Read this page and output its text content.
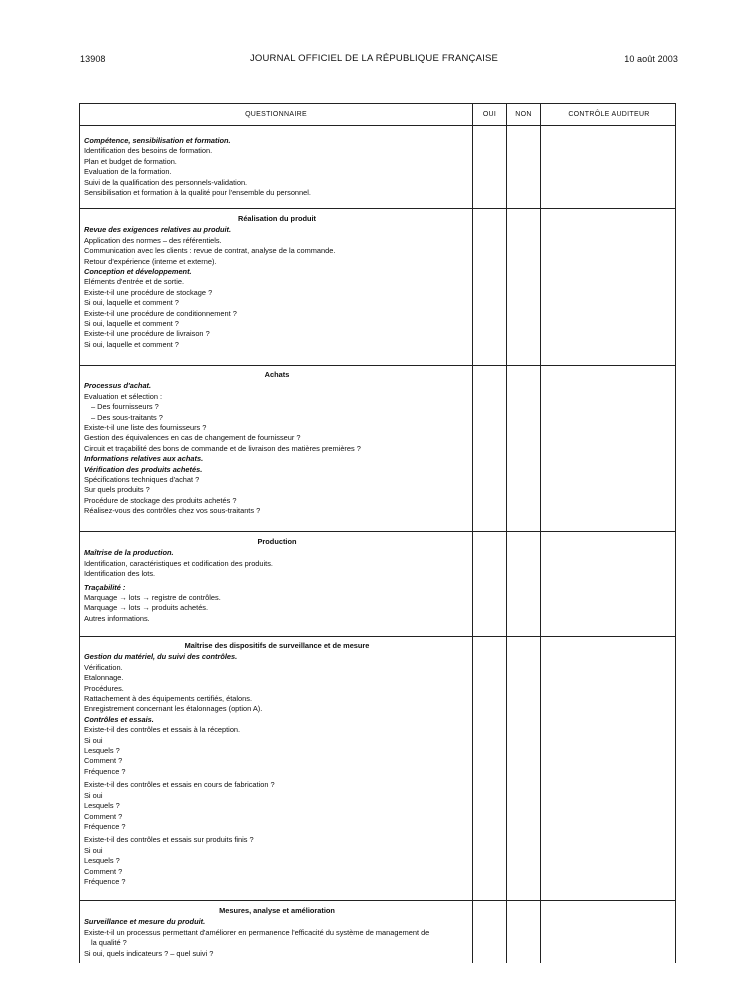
13908	JOURNAL OFFICIEL DE LA RÉPUBLIQUE FRANÇAISE	10 août 2003
QUESTIONNAIRE	OUI	NON	CONTRÔLE AUDITEUR
Compétence, sensibilisation et formation.
Identification des besoins de formation.
Plan et budget de formation.
Evaluation de la formation.
Suivi de la qualification des personnels-validation.
Sensibilisation et formation à la qualité pour l'ensemble du personnel.
Réalisation du produit
Revue des exigences relatives au produit.
Application des normes – des référentiels.
Communication avec les clients : revue de contrat, analyse de la commande.
Retour d'expérience (interne et externe).
Conception et développement.
Eléments d'entrée et de sortie.
Existe-t-il une procédure de stockage ?
Si oui, laquelle et comment ?
Existe-t-il une procédure de conditionnement ?
Si oui, laquelle et comment ?
Existe-t-il une procédure de livraison ?
Si oui, laquelle et comment ?
Achats
Processus d'achat.
Evaluation et sélection :
– Des fournisseurs ?
– Des sous-traitants ?
Existe-t-il une liste des fournisseurs ?
Gestion des équivalences en cas de changement de fournisseur ?
Circuit et traçabilité des bons de commande et de livraison des matières premières ?
Informations relatives aux achats.
Vérification des produits achetés.
Spécifications techniques d'achat ?
Sur quels produits ?
Procédure de stockage des produits achetés ?
Réalisez-vous des contrôles chez vos sous-traitants ?
Production
Maîtrise de la production.
Identification, caractéristiques et codification des produits.
Identification des lots.
Traçabilité :
Marquage → lots → registre de contrôles.
Marquage → lots → produits achetés.
Autres informations.
Maîtrise des dispositifs de surveillance et de mesure
Gestion du matériel, du suivi des contrôles.
Vérification.
Etalonnage.
Procédures.
Rattachement à des équipements certifiés, étalons.
Enregistrement concernant les étalonnages (option A).
Contrôles et essais.
Existe-t-il des contrôles et essais à la réception.
Si oui
Lesquels ?
Comment ?
Fréquence ?
Existe-t-il des contrôles et essais en cours de fabrication ?
Si oui
Lesquels ?
Comment ?
Fréquence ?
Existe-t-il des contrôles et essais sur produits finis ?
Si oui
Lesquels ?
Comment ?
Fréquence ?
Mesures, analyse et amélioration
Surveillance et mesure du produit.
Existe-t-il un processus permettant d'améliorer en permanence l'efficacité du système de management de
la qualité ?
Si oui, quels indicateurs ? – quel suivi ?
